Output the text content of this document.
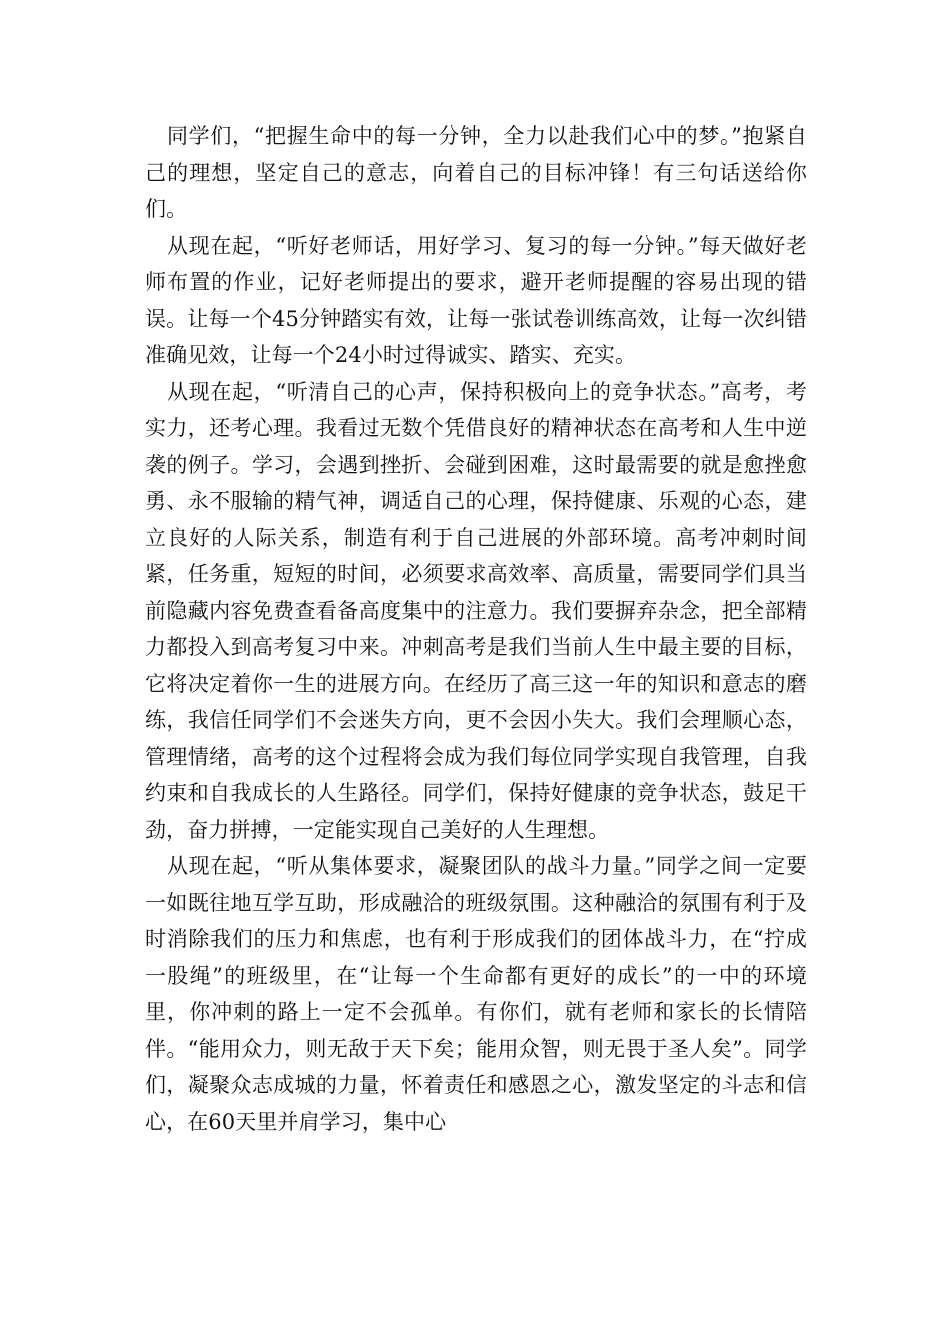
同学们，“把握生命中的每一分钟，全力以赴我们心中的梦。”抱紧自己的理想，坚定自己的意志，向着自己的目标冲锋！有三句话送给你们。

从现在起，“听好老师话，用好学习、复习的每一分钟。”每天做好老师布置的作业，记好老师提出的要求，避开老师提醒的容易出现的错误。让每一个45分钟踏实有效，让每一张试卷训练高效，让每一次纠错准确见效，让每一个24小时过得诚实、踏实、充实。

从现在起，“听清自己的心声，保持积极向上的竞争状态。”高考，考实力，还考心理。我看过无数个凭借良好的精神状态在高考和人生中逆袭的例子。学习，会遇到挫折、会碰到困难，这时最需要的就是愈挫愈勇、永不服输的精气神，调适自己的心理，保持健康、乐观的心态，建立良好的人际关系，制造有利于自己进展的外部环境。高考冲刺时间紧，任务重，短短的时间，必须要求高效率、高质量，需要同学们具当前隐藏内容免费查看备高度集中的注意力。我们要摒弃杂念，把全部精力都投入到高考复习中来。冲刺高考是我们当前人生中最主要的目标，它将决定着你一生的进展方向。在经历了高三这一年的知识和意志的磨练，我信任同学们不会迷失方向，更不会因小失大。我们会理顺心态，管理情绪，高考的这个过程将会成为我们每位同学实现自我管理，自我约束和自我成长的人生路径。同学们，保持好健康的竞争状态，鼓足干劲，奋力拼搏，一定能实现自己美好的人生理想。

从现在起，“听从集体要求，凝聚团队的战斗力量。”同学之间一定要一如既往地互学互助，形成融洽的班级氛围。这种融洽的氛围有利于及时消除我们的压力和焦虑，也有利于形成我们的团体战斗力，在“拧成一股绳”的班级里，在“让每一个生命都有更好的成长”的一中的环境里，你冲刺的路上一定不会孤单。有你们，就有老师和家长的长情陪伴。“能用众力，则无敌于天下矣；能用众智，则无畏于圣人矣”。同学们，凝聚众志成城的力量，怀着责任和感恩之心，激发坚定的斗志和信心，在60天里并肩学习，集中心
